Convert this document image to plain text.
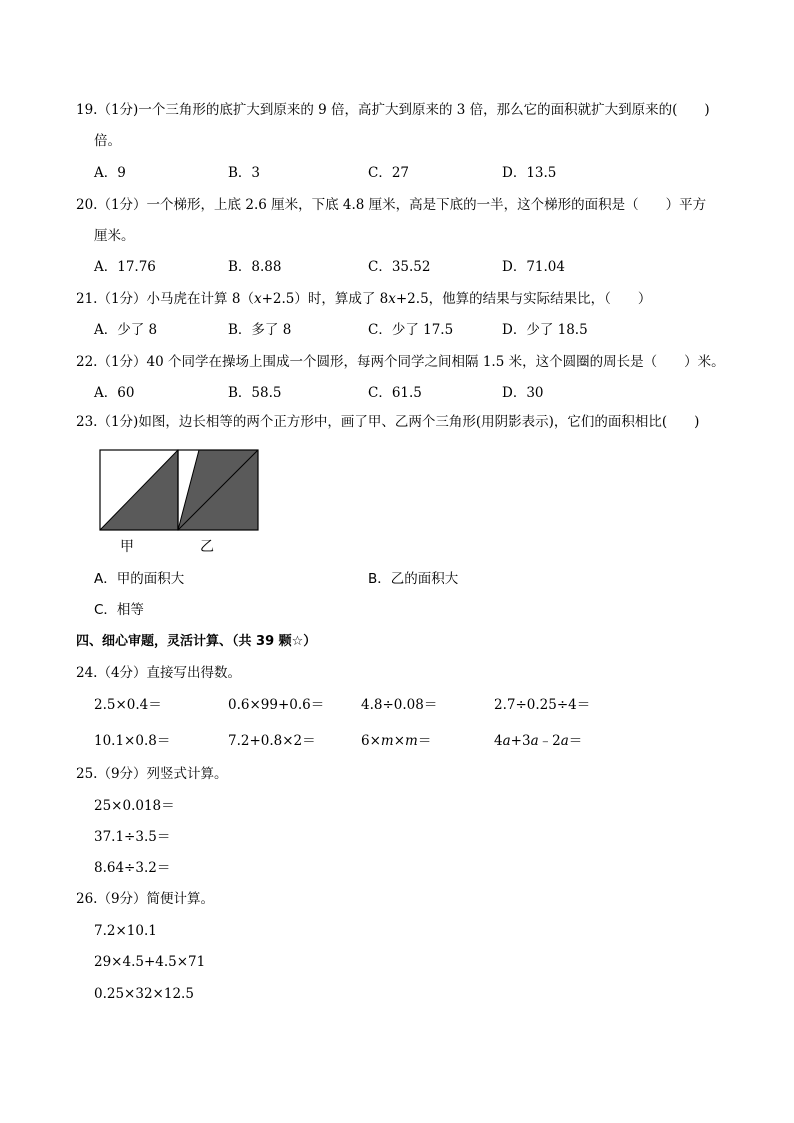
19.（1分)一个三角形的底扩大到原来的 9 倍，高扩大到原来的 3 倍，那么它的面积就扩大到原来的(　　)
倍。
A．9	B．3	C．27	D．13.5
20.（1分）一个梯形，上底 2.6 厘米，下底 4.8 厘米，高是下底的一半，这个梯形的面积是（　　）平方
厘米。
A．17.76	B．8.88	C．35.52	D．71.04
21.（1分）小马虎在计算 8（x+2.5）时，算成了 8x+2.5，他算的结果与实际结果比，（　　）
A．少了 8	B．多了 8	C．少了 17.5	D．少了 18.5
22.（1分）40 个同学在操场上围成一个圆形，每两个同学之间相隔 1.5 米，这个圆圈的周长是（　　）米。
A．60	B．58.5	C．61.5	D．30
23.（1分)如图，边长相等的两个正方形中，画了甲、乙两个三角形(用阴影表示)，它们的面积相比(　　)
甲	乙
A．甲的面积大	B．乙的面积大
C．相等
四、细心审题，灵活计算、（共 39 颗☆）
24.（4分）直接写出得数。
2.5×0.4＝	0.6×99+0.6＝	4.8÷0.08＝	2.7÷0.25÷4＝
10.1×0.8＝	7.2+0.8×2＝	6×m×m＝	4a+3a﹣2a＝
25.（9分）列竖式计算。
25×0.018＝
37.1÷3.5＝
8.64÷3.2＝
26.（9分）简便计算。
7.2×10.1
29×4.5+4.5×71
0.25×32×12.5
